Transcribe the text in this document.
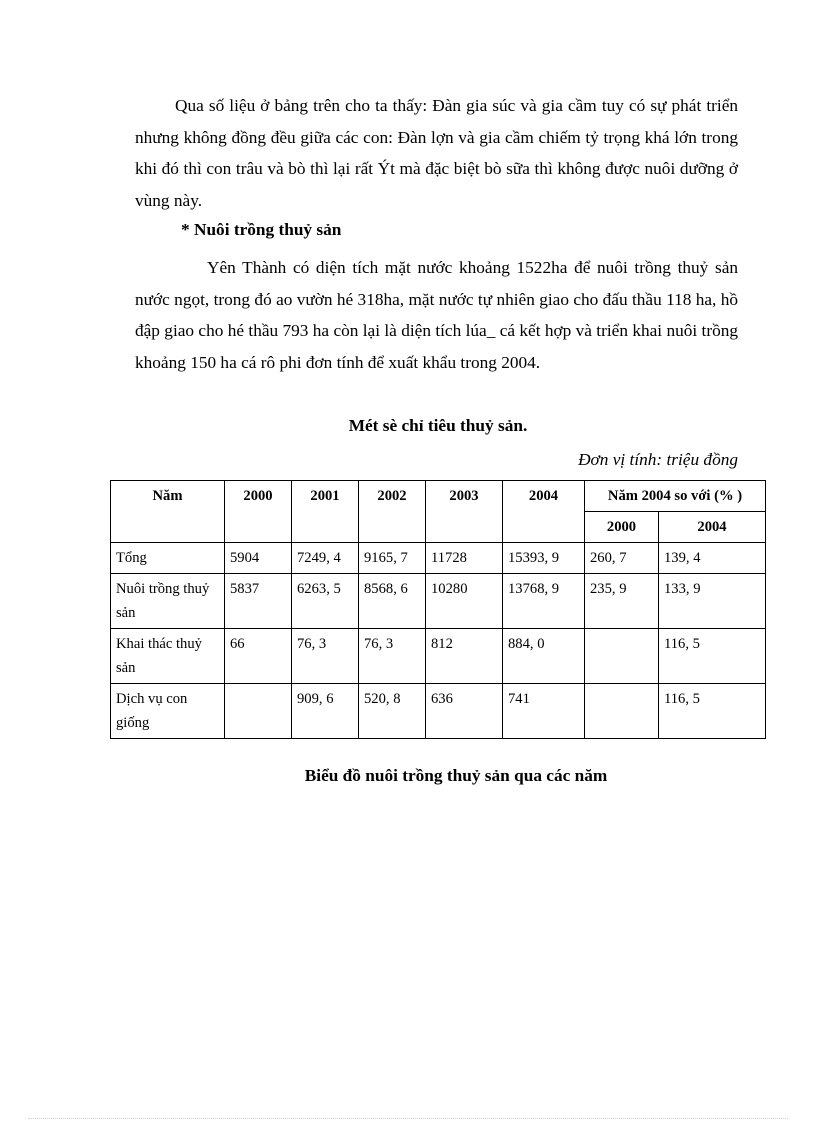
Qua số liệu ở bảng trên cho ta thấy: Đàn gia súc và gia cầm tuy có sự phát triển nhưng không đồng đều giữa các con: Đàn lợn và gia cầm chiếm tỷ trọng khá lớn trong khi đó thì con trâu và bò thì lại rất Ýt mà đặc biệt bò sữa thì không được nuôi dưỡng ở vùng này.

* Nuôi trồng thuỷ sản

Yên Thành có diện tích mặt nước khoảng 1522ha để nuôi trồng thuỷ sản nước ngọt, trong đó ao vườn hé 318ha, mặt nước tự nhiên giao cho đấu thầu 118 ha, hồ đập giao cho hé thầu 793 ha còn lại là diện tích lúa_ cá kết hợp và triển khai nuôi trồng khoảng 150 ha cá rô phi đơn tính để xuất khẩu trong 2004.

Mét sè chỉ tiêu thuỷ sản.

Đơn vị tính: triệu đồng

Năm	2000	2001	2002	2003	2004	Năm 2004 so với (% )	
						2000	2004
Tổng	5904	7249, 4	9165, 7	11728	15393, 9	260, 7	139, 4
Nuôi trồng thuỷ sản	5837	6263, 5	8568, 6	10280	13768, 9	235, 9	133, 9
Khai thác thuỷ sản	66	76, 3	76, 3	812	884, 0		116, 5
Dịch vụ con giống		909, 6	520, 8	636	741		116, 5

Biểu đồ nuôi trồng thuỷ sản qua các năm
